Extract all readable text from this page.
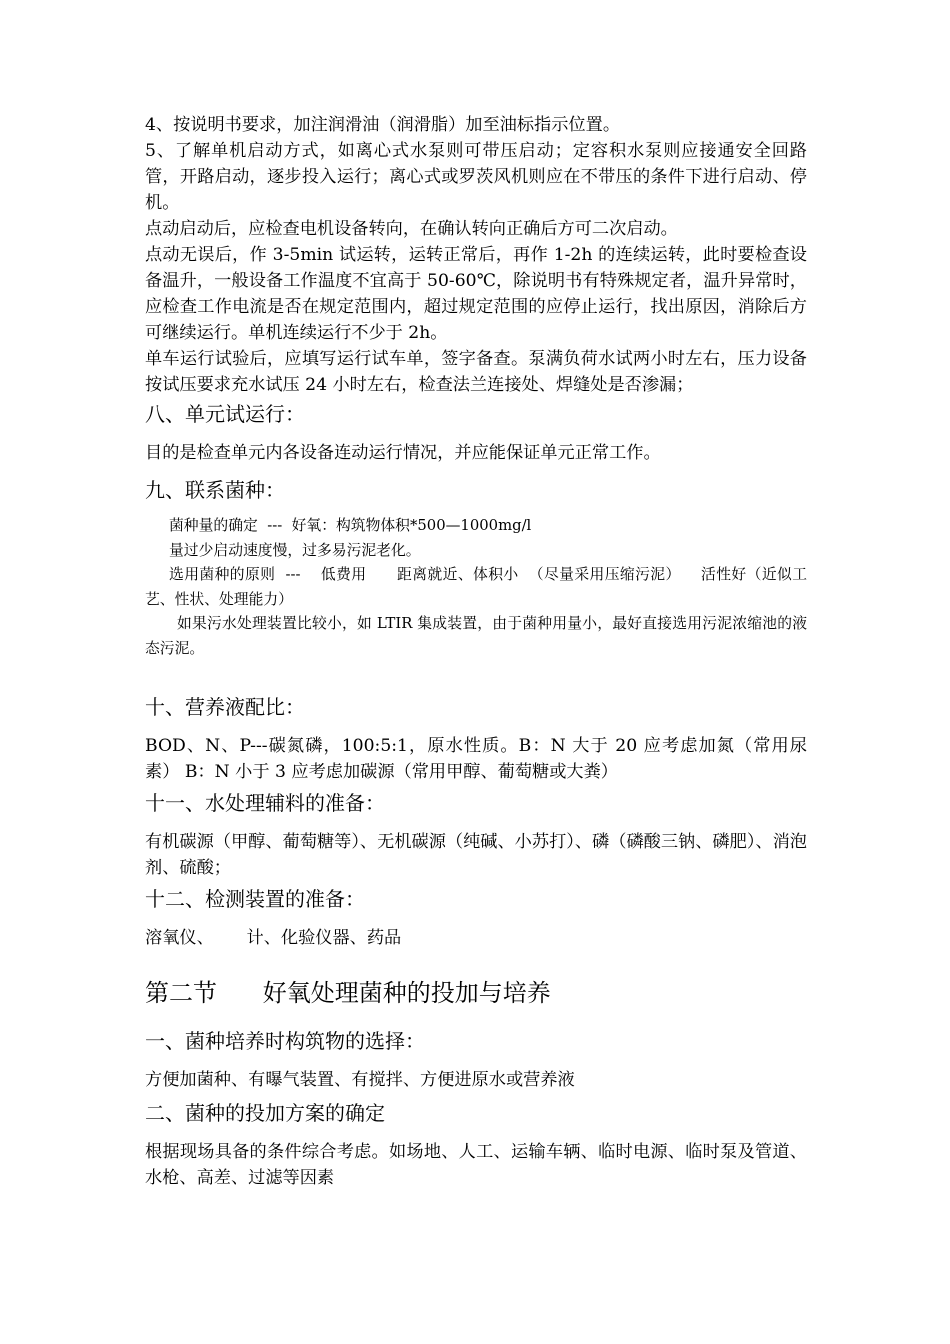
4、按说明书要求，加注润滑油（润滑脂）加至油标指示位置。

5、了解单机启动方式，如离心式水泵则可带压启动；定容积水泵则应接通安全回路管，开路启动，逐步投入运行；离心式或罗茨风机则应在不带压的条件下进行启动、停机。

点动启动后，应检查电机设备转向，在确认转向正确后方可二次启动。

点动无误后，作 3-5min 试运转，运转正常后，再作 1-2h 的连续运转，此时要检查设备温升，一般设备工作温度不宜高于 50-60℃，除说明书有特殊规定者，温升异常时，应检查工作电流是否在规定范围内，超过规定范围的应停止运行，找出原因，消除后方可继续运行。单机连续运行不少于 2h。

单车运行试验后，应填写运行试车单，签字备查。泵满负荷水试两小时左右，压力设备按试压要求充水试压 24 小时左右，检查法兰连接处、焊缝处是否渗漏；

八、单元试运行：

目的是检查单元内各设备连动运行情况，并应能保证单元正常工作。

九、联系菌种：

菌种量的确定  ---  好氧：构筑物体积*500—1000mg/l

量过少启动速度慢，过多易污泥老化。

选用菌种的原则  ---    低费用      距离就近、体积小  （尽量采用压缩污泥）    活性好（近似工艺、性状、处理能力）

如果污水处理装置比较小，如 LTIR 集成装置，由于菌种用量小，最好直接选用污泥浓缩池的液态污泥。

十、营养液配比：

BOD、N、P---碳氮磷，100:5:1，原水性质。B：N 大于 20 应考虑加氮（常用尿素） B：N 小于 3 应考虑加碳源（常用甲醇、葡萄糖或大粪）

十一、水处理辅料的准备：

有机碳源（甲醇、葡萄糖等）、无机碳源（纯碱、小苏打）、磷（磷酸三钠、磷肥）、消泡剂、硫酸；

十二、检测装置的准备：

溶氧仪、      计、化验仪器、药品

第二节      好氧处理菌种的投加与培养

一、菌种培养时构筑物的选择：

方便加菌种、有曝气装置、有搅拌、方便进原水或营养液

二、菌种的投加方案的确定

根据现场具备的条件综合考虑。如场地、人工、运输车辆、临时电源、临时泵及管道、水枪、高差、过滤等因素
